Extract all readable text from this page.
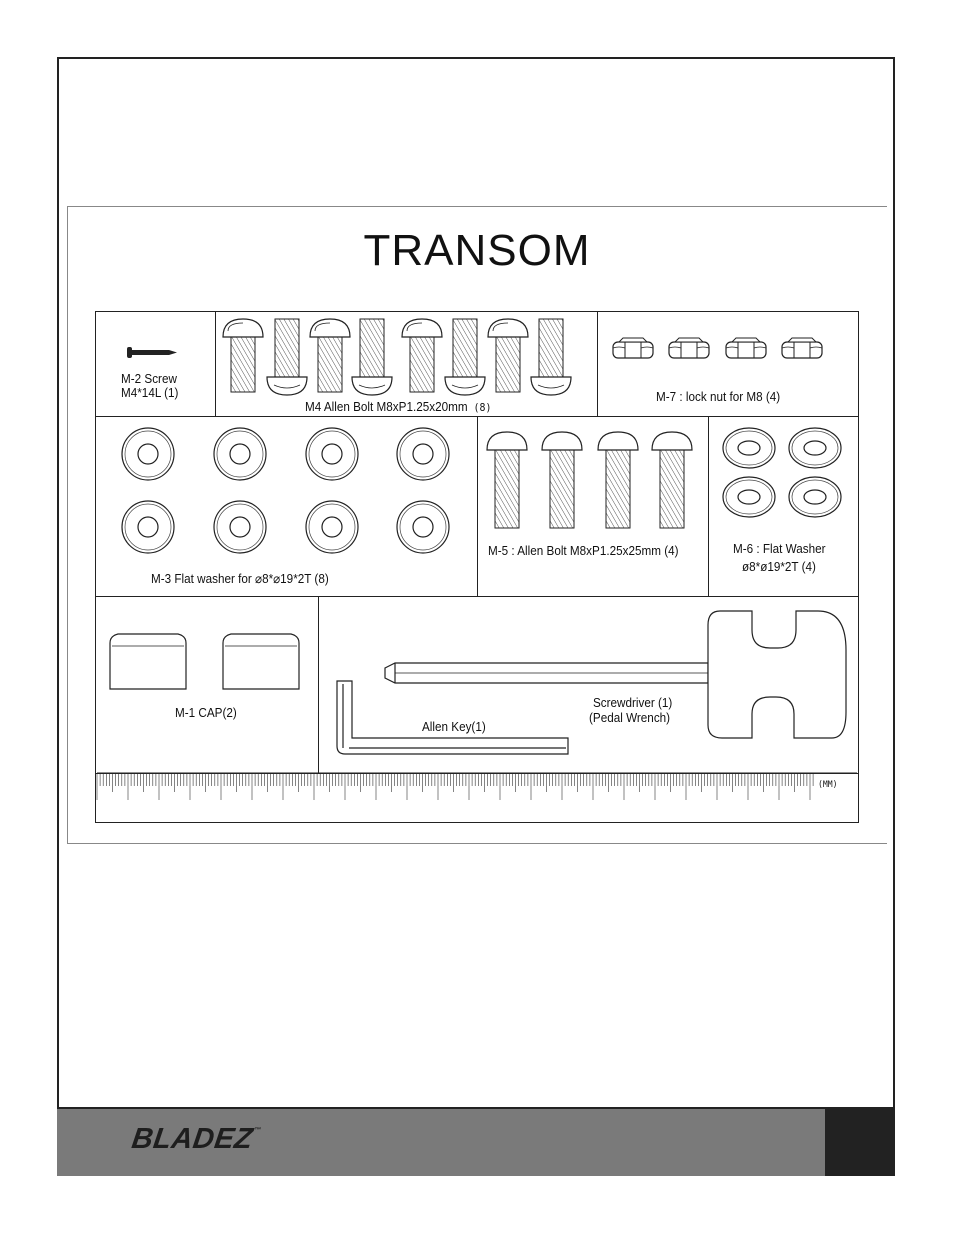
TRANSOM
M-2 Screw
M4*14L (1)
M4 Allen Bolt M8xP1.25x20mm (8)
M-7 : lock nut for M8 (4)
M-3 Flat washer for ⌀8*⌀19*2T (8)
M-5 : Allen Bolt M8xP1.25x25mm (4)	M-6 : Flat Washer
ø8*ø19*2T (4)
M-1 CAP(2)
Allen Key(1)
Screwdriver (1)
(Pedal Wrench)
(MM)
BLADEZ™
